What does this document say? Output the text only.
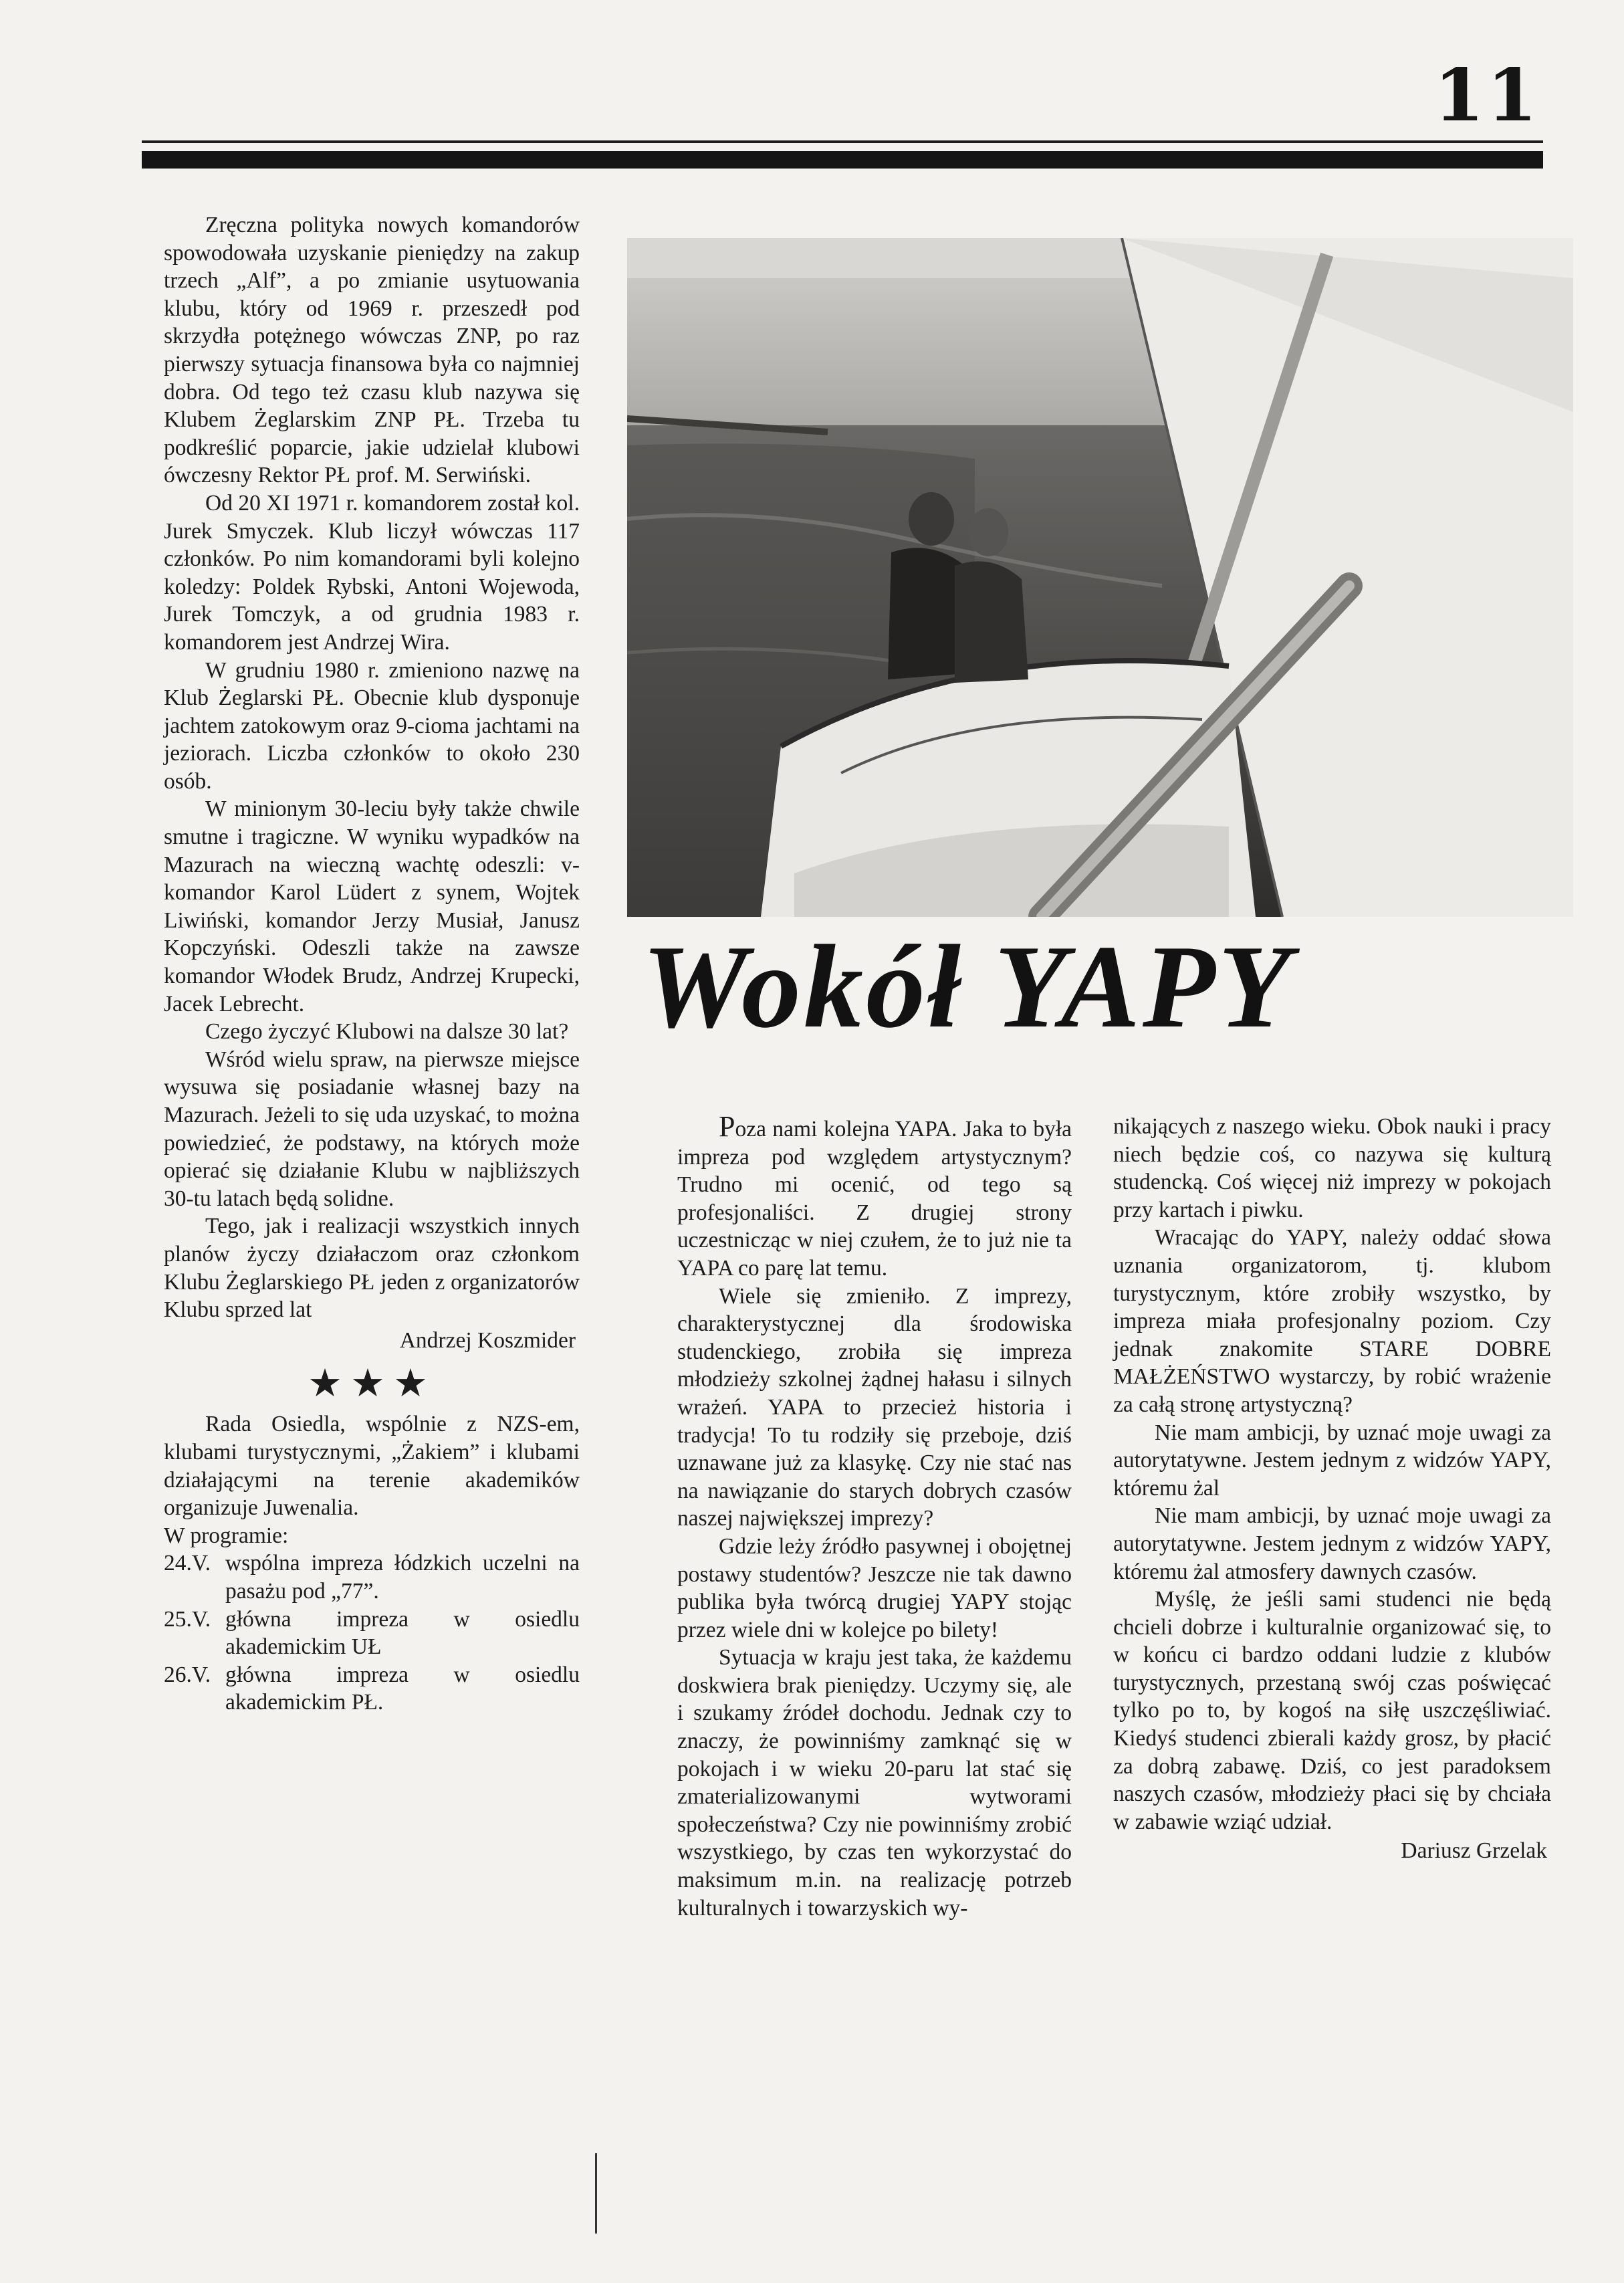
11

Zręczna polityka nowych komandorów spowodowała uzyskanie pieniędzy na zakup trzech „Alf”, a po zmianie usytuowania klubu, który od 1969 r. przeszedł pod skrzydła potężnego wówczas ZNP, po raz pierwszy sytuacja finansowa była co najmniej dobra. Od tego też czasu klub nazywa się Klubem Żeglarskim ZNP PŁ. Trzeba tu podkreślić poparcie, jakie udzielał klubowi ówczesny Rektor PŁ prof. M. Serwiński.

Od 20 XI 1971 r. komandorem został kol. Jurek Smyczek. Klub liczył wówczas 117 członków. Po nim komandorami byli kolejno koledzy: Poldek Rybski, Antoni Wojewoda, Jurek Tomczyk, a od grudnia 1983 r. komandorem jest Andrzej Wira.

W grudniu 1980 r. zmieniono nazwę na Klub Żeglarski PŁ. Obecnie klub dysponuje jachtem zatokowym oraz 9-cioma jachtami na jeziorach. Liczba członków to około 230 osób.

W minionym 30-leciu były także chwile smutne i tragiczne. W wyniku wypadków na Mazurach na wieczną wachtę odeszli: v-komandor Karol Lüdert z synem, Wojtek Liwiński, komandor Jerzy Musiał, Janusz Kopczyński. Odeszli także na zawsze komandor Włodek Brudz, Andrzej Krupecki, Jacek Lebrecht.

Czego życzyć Klubowi na dalsze 30 lat?

Wśród wielu spraw, na pierwsze miejsce wysuwa się posiadanie własnej bazy na Mazurach. Jeżeli to się uda uzyskać, to można powiedzieć, że podstawy, na których może opierać się działanie Klubu w najbliższych 30-tu latach będą solidne.

Tego, jak i realizacji wszystkich innych planów życzy działaczom oraz członkom Klubu Żeglarskiego PŁ jeden z organizatorów Klubu sprzed lat

Andrzej Koszmider

★★★

Rada Osiedla, wspólnie z NZS-em, klubami turystycznymi, „Żakiem” i klubami działającymi na terenie akademików organizuje Juwenalia.

W programie:

24.V. wspólna impreza łódzkich uczelni na pasażu pod „77”.
25.V. główna impreza w osiedlu akademickim UŁ
26.V. główna impreza w osiedlu akademickim PŁ.
Wokół YAPY

Poza nami kolejna YAPA. Jaka to była impreza pod względem artystycznym? Trudno mi ocenić, od tego są profesjonaliści. Z drugiej strony uczestnicząc w niej czułem, że to już nie ta YAPA co parę lat temu.

Wiele się zmieniło. Z imprezy, charakterystycznej dla środowiska studenckiego, zrobiła się impreza młodzieży szkolnej żądnej hałasu i silnych wrażeń. YAPA to przecież historia i tradycja! To tu rodziły się przeboje, dziś uznawane już za klasykę. Czy nie stać nas na nawiązanie do starych dobrych czasów naszej największej imprezy?

Gdzie leży źródło pasywnej i obojętnej postawy studentów? Jeszcze nie tak dawno publika była twórcą drugiej YAPY stojąc przez wiele dni w kolejce po bilety!

Sytuacja w kraju jest taka, że każdemu doskwiera brak pieniędzy. Uczymy się, ale i szukamy źródeł dochodu. Jednak czy to znaczy, że powinniśmy zamknąć się w pokojach i w wieku 20-paru lat stać się zmaterializowanymi wytworami społeczeństwa? Czy nie powinniśmy zrobić wszystkiego, by czas ten wykorzystać do maksimum m.in. na realizację potrzeb kulturalnych i towarzyskich wy-

nikających z naszego wieku. Obok nauki i pracy niech będzie coś, co nazywa się kulturą studencką. Coś więcej niż imprezy w pokojach przy kartach i piwku.

Wracając do YAPY, należy oddać słowa uznania organizatorom, tj. klubom turystycznym, które zrobiły wszystko, by impreza miała profesjonalny poziom. Czy jednak znakomite STARE DOBRE MAŁŻEŃSTWO wystarczy, by robić wrażenie za całą stronę artystyczną?

Nie mam ambicji, by uznać moje uwagi za autorytatywne. Jestem jednym z widzów YAPY, któremu żal

Nie mam ambicji, by uznać moje uwagi za autorytatywne. Jestem jednym z widzów YAPY, któremu żal atmosfery dawnych czasów.

Myślę, że jeśli sami studenci nie będą chcieli dobrze i kulturalnie organizować się, to w końcu ci bardzo oddani ludzie z klubów turystycznych, przestaną swój czas poświęcać tylko po to, by kogoś na siłę uszczęśliwiać. Kiedyś studenci zbierali każdy grosz, by płacić za dobrą zabawę. Dziś, co jest paradoksem naszych czasów, młodzieży płaci się by chciała w zabawie wziąć udział.

Dariusz Grzelak
